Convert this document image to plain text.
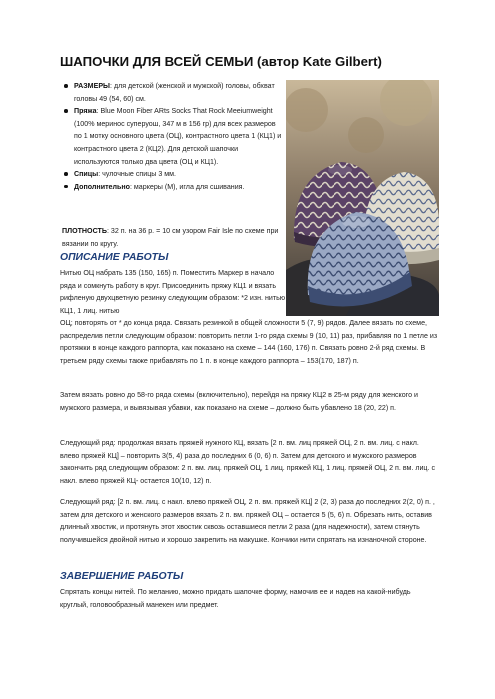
ШАПОЧКИ ДЛЯ ВСЕЙ СЕМЬИ (автор Kate Gilbert)
РАЗМЕРЫ: для детской (женской и мужской) головы, обхват головы 49 (54, 60) см.
Пряжа: Blue Moon Fiber ARts Socks That Rock Meeiumweight (100% меринос суперуош, 347 м в 156 гр) для всех размеров по 1 мотку основного цвета (ОЦ), контрастного цвета 1 (КЦ1) и контрастного цвета 2 (КЦ2). Для детской шапочки используются только два цвета (ОЦ и КЦ1).
Спицы: чулочные спицы 3 мм.
Дополнительно: маркеры (М), игла для сшивания.
ПЛОТНОСТЬ: 32 п. на 36 р. = 10 см узором Fair Isle по схеме при вязании по кругу.
ОПИСАНИЕ РАБОТЫ
Нитью ОЦ набрать 135 (150, 165) п. Поместить Маркер в начало ряда и сомкнуть работу в круг. Присоединить пряжу КЦ1 и вязать рифленую двухцветную резинку следующим образом: *2 изн. нитью КЦ1, 1 лиц. нитью
ОЦ; повторять от * до конца ряда. Связать резинкой в общей сложности 5 (7, 9) рядов. Далее вязать по схеме, распределив петли следующим образом: повторить петли 1-го ряда схемы 9 (10, 11) раз, прибавляя по 1 петле из протяжки в конце каждого раппорта, как показано на схеме – 144 (160, 176) п. Связать ровно 2-й ряд схемы. В третьем ряду схемы также прибавлять по 1 п. в конце каждого раппорта – 153(170, 187) п.
Затем вязать ровно до 58-го ряда схемы (включительно), перейдя на пряжу КЦ2 в 25-м ряду для женского и мужского размера, и вывязывая убавки, как показано на схеме – должно быть убавлено 18 (20, 22) п.
Следующий ряд: продолжая вязать пряжей нужного КЦ, вязать [2 п. вм. лиц пряжей ОЦ, 2 п. вм. лиц. с накл. влево пряжей КЦ] – повторить 3(5, 4) раза до последних 6 (0, 6) п. Затем для детского и мужского размеров закончить ряд следующим образом: 2 п. вм. лиц. пряжей ОЦ, 1 лиц. пряжей КЦ, 1 лиц. пряжей ОЦ, 2 п. вм. лиц. с накл. влево пряжей КЦ- остается 10(10, 12) п.
Следующий ряд: [2 п. вм. лиц. с накл. влево пряжей ОЦ, 2 п. вм. пряжей КЦ] 2 (2, 3) раза до последних 2(2, 0) п. , затем для детского и женского размеров вязать 2 п. вм. пряжей ОЦ – остается 5 (5, 6) п. Обрезать нить, оставив длинный хвостик, и протянуть этот хвостик сквозь оставшиеся петли 2 раза (для надежности), затем стянуть получившейся двойной нитью и хорошо закрепить на макушке. Кончики нити спрятать на изнаночной стороне.
ЗАВЕРШЕНИЕ РАБОТЫ
Спрятать концы нитей. По желанию, можно придать шапочке форму, намочив ее и надев на какой-нибудь круглый, головообразный манекен или предмет.
